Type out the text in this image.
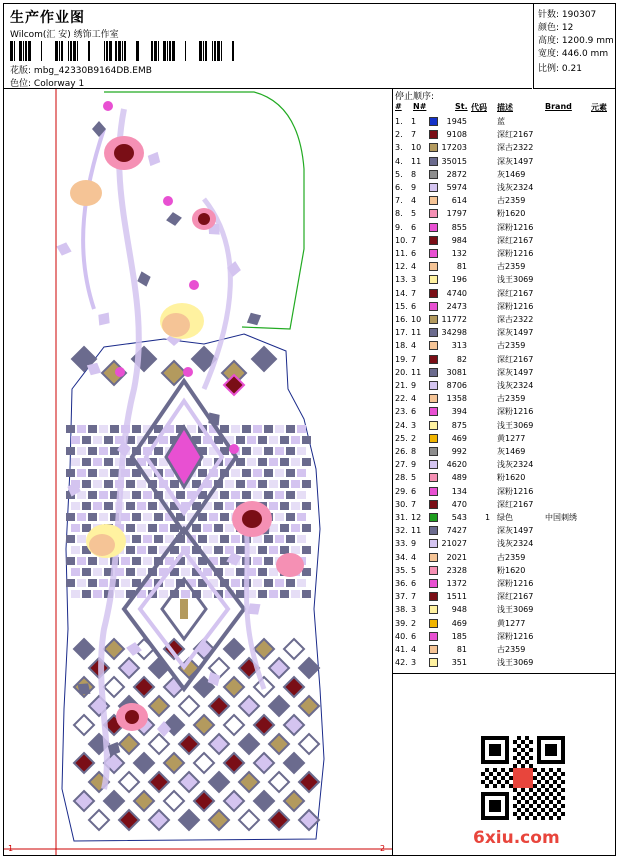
生产作业图
Wilcom(汇 安) 绣饰工作室
花版: mbg_42330B9164DB.EMB
色位: Colorway 1
针数: 190307
颜色: 12
高度: 1200.9 mm
宽度: 446.0 mm
比例: 0.21
1	2
停止顺序:
# N#	St. 代码 描述	Brand 元素
1. 1	1945	蓝
2. 7	9108	深红2167
3. 10	17203	深古2322
4. 11	35015	深灰1497
5. 8	2872	灰1469
6. 9	5974	浅灰2324
7. 4	614	古2359
8. 5	1797	粉1620
9. 6	855	深粉1216
10. 7	984	深红2167
11. 6	132	深粉1216
12. 4	81	古2359
13. 3	196	浅王3069
14. 7	4740	深红2167
15. 6	2473	深粉1216
16. 10	11772	深古2322
17. 11	34298	深灰1497
18. 4	313	古2359
19. 7	82	深红2167
20. 11	3081	深灰1497
21. 9	8706	浅灰2324
22. 4	1358	古2359
23. 6	394	深粉1216
24. 3	875	浅王3069
25. 2	469	黄1277
26. 8	992	灰1469
27. 9	4620	浅灰2324
28. 5	489	粉1620
29. 6	134	深粉1216
30. 7	470	深红2167
31. 12	543 1 绿色	中国刺绣
32. 11	7427	深灰1497
33. 9	21027	浅灰2324
34. 4	2021	古2359
35. 5	2328	粉1620
36. 6	1372	深粉1216
37. 7	1511	深红2167
38. 3	948	浅王3069
39. 2	469	黄1277
40. 6	185	深粉1216
41. 4	81	古2359
42. 3	351	浅王3069
6xiu.com
